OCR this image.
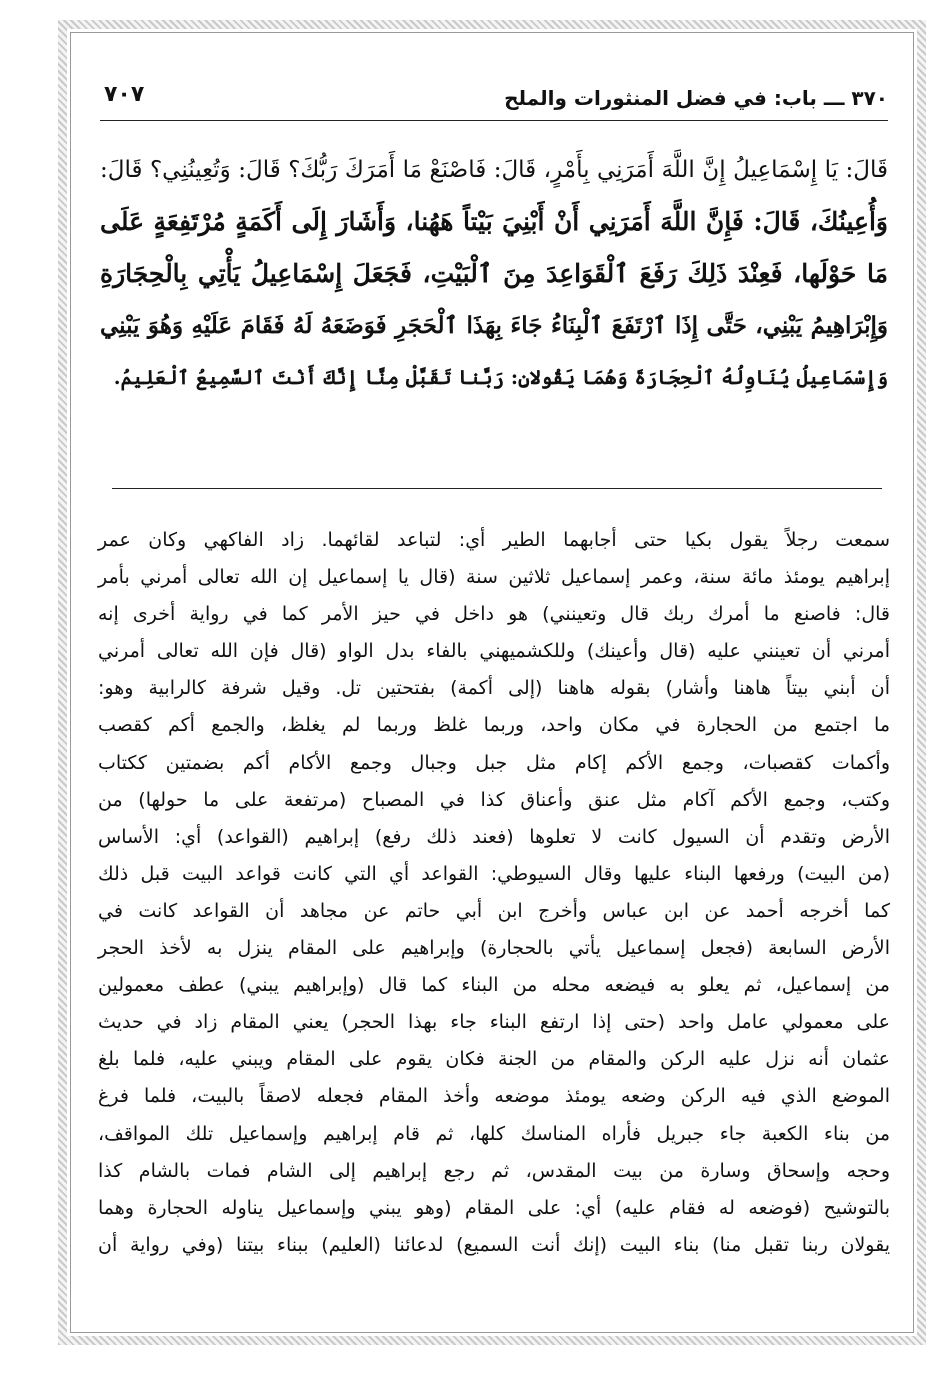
٣٧٠ ـــ باب: في فضل المنثورات والملح
٧٠٧

قَالَ: يَا إِسْمَاعِيلُ إِنَّ اللَّهَ أَمَرَنِي بِأَمْرٍ، قَالَ: فَاصْنَعْ مَا أَمَرَكَ رَبُّكَ؟ قَالَ: وَتُعِينُنِي؟ قَالَ:

وَأُعِينُكَ، قَالَ: فَإِنَّ اللَّهَ أَمَرَنِي أَنْ أَبْنِيَ بَيْتاً هَهُنا، وَأَشَارَ إِلَى أَكَمَةٍ مُرْتَفِعَةٍ عَلَى

مَا حَوْلَها، فَعِنْدَ ذَلِكَ رَفَعَ ٱلْقَوَاعِدَ مِنَ ٱلْبَيْتِ، فَجَعَلَ إِسْمَاعِيلُ يَأْتِي بِالْحِجَارَةِ

وَإِبْرَاهِيمُ يَبْنِي، حَتَّى إِذَا ٱرْتَفَعَ ٱلْبِنَاءُ جَاءَ بِهَذَا ٱلْحَجَرِ فَوَضَعَهُ لَهُ فَقَامَ عَلَيْهِ وَهُوَ يَبْنِي

وَإِسْمَاعِيلُ يُنَاوِلُهُ ٱلْحِجَارَةَ وَهُمَا يَقُولانِ: رَبَّنا تَقَبَّلْ مِنَّا إِنَّكَ أَنْتَ ٱلسَّمِيعُ ٱلْعَلِيمُ.

سمعت رجلاً يقول بكيا حتى أجابهما الطير أي: لتباعد لقائهما. زاد الفاكهي وكان عمر

إبراهيم يومئذ مائة سنة، وعمر إسماعيل ثلاثين سنة (قال يا إسماعيل إن الله تعالى أمرني بأمر

قال: فاصنع ما أمرك ربك قال وتعينني) هو داخل في حيز الأمر كما في رواية أخرى إنه

أمرني أن تعينني عليه (قال وأعينك) وللكشميهني بالفاء بدل الواو (قال فإن الله تعالى أمرني

أن أبني بيتاً هاهنا وأشار) بقوله هاهنا (إلى أكمة) بفتحتين تل. وقيل شرفة كالرابية وهو:

ما اجتمع من الحجارة في مكان واحد، وربما غلظ وربما لم يغلظ، والجمع أكم كقصب

وأكمات كقصبات، وجمع الأكم إكام مثل جبل وجبال وجمع الأكام أكم بضمتين ككتاب

وكتب، وجمع الأكم آكام مثل عنق وأعناق كذا في المصباح (مرتفعة على ما حولها) من

الأرض وتقدم أن السيول كانت لا تعلوها (فعند ذلك رفع) إبراهيم (القواعد) أي: الأساس

(من البيت) ورفعها البناء عليها وقال السيوطي: القواعد أي التي كانت قواعد البيت قبل ذلك

كما أخرجه أحمد عن ابن عباس وأخرج ابن أبي حاتم عن مجاهد أن القواعد كانت في

الأرض السابعة (فجعل إسماعيل يأتي بالحجارة) وإبراهيم على المقام ينزل به لأخذ الحجر

من إسماعيل، ثم يعلو به فيضعه محله من البناء كما قال (وإبراهيم يبني) عطف معمولين

على معمولي عامل واحد (حتى إذا ارتفع البناء جاء بهذا الحجر) يعني المقام زاد في حديث

عثمان أنه نزل عليه الركن والمقام من الجنة فكان يقوم على المقام ويبني عليه، فلما بلغ

الموضع الذي فيه الركن وضعه يومئذ موضعه وأخذ المقام فجعله لاصقاً بالبيت، فلما فرغ

من بناء الكعبة جاء جبريل فأراه المناسك كلها، ثم قام إبراهيم وإسماعيل تلك المواقف،

وحجه وإسحاق وسارة من بيت المقدس، ثم رجع إبراهيم إلى الشام فمات بالشام كذا

بالتوشيح (فوضعه له فقام عليه) أي: على المقام (وهو يبني وإسماعيل يناوله الحجارة وهما

يقولان ربنا تقبل منا) بناء البيت (إنك أنت السميع) لدعائنا (العليم) ببناء بيتنا (وفي رواية أن
